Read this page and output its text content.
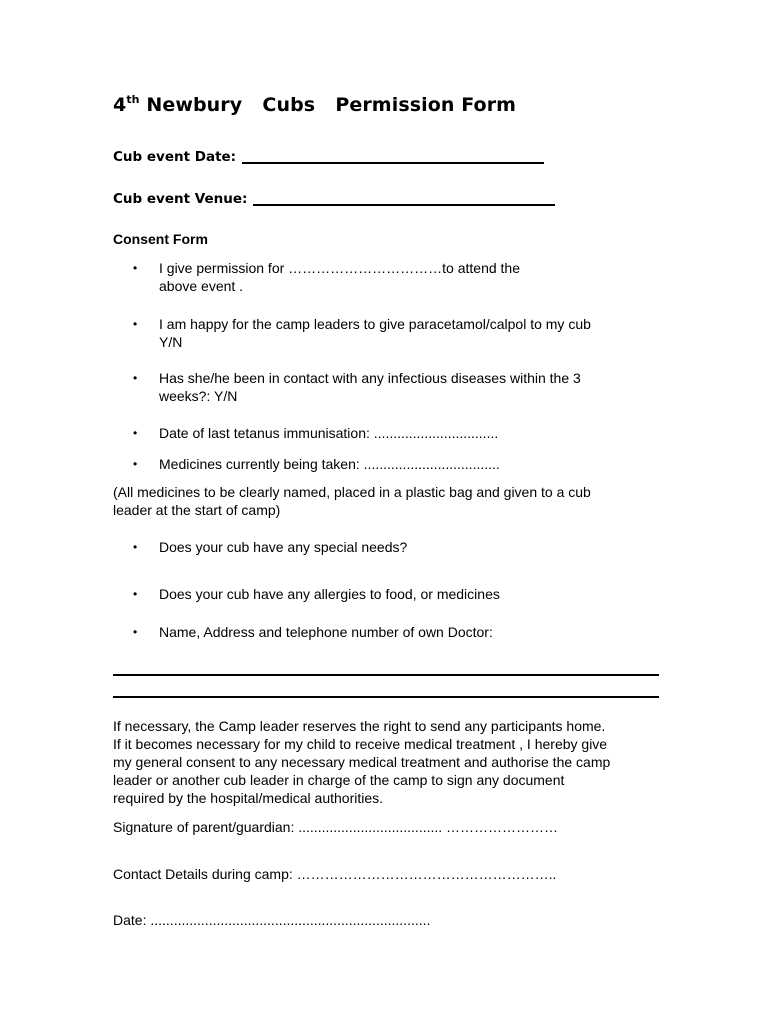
4th Newbury   Cubs   Permission Form
Cub event Date:
Cub event Venue:
Consent Form
• I give permission for ……………………………to attend the
above event .
• I am happy for the camp leaders to give paracetamol/calpol to my cub
Y/N
• Has she/he been in contact with any infectious diseases within the 3
weeks?: Y/N
• Date of last tetanus immunisation: ................................
• Medicines currently being taken: ...................................
(All medicines to be clearly named, placed in a plastic bag and given to a cub
leader at the start of camp)
• Does your cub have any special needs?
• Does your cub have any allergies to food, or medicines
• Name, Address and telephone number of own Doctor:
If necessary, the Camp leader reserves the right to send any participants home.
If it becomes necessary for my child to receive medical treatment , I hereby give
my general consent to any necessary medical treatment and authorise the camp
leader or another cub leader in charge of the camp to sign any document
required by the hospital/medical authorities.
Signature of parent/guardian: ..................................... ……………………
Contact Details during camp: ………………………………………………..
Date: ........................................................................
